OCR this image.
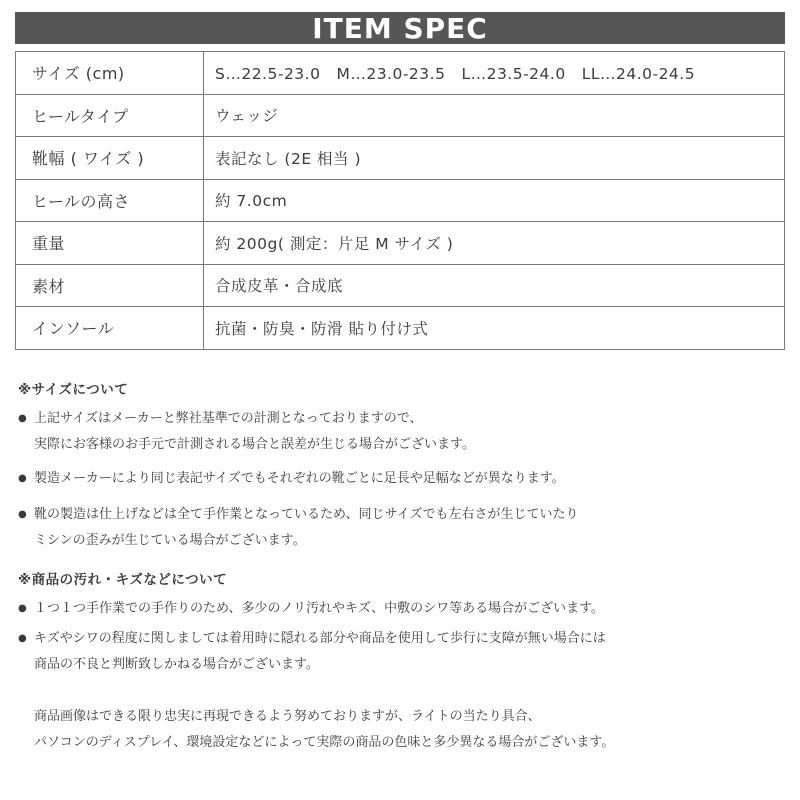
ITEM SPEC
サイズ (cm)	S…22.5-23.0　M…23.0-23.5　L…23.5-24.0　LL…24.0-24.5
ヒールタイプ	ウェッジ
靴幅 ( ワイズ )	表記なし (2E 相当 )
ヒールの高さ	約 7.0cm
重量	約 200g( 測定：片足 M サイズ )
素材	合成皮革・合成底
インソール	抗菌・防臭・防滑 貼り付け式
※サイズについて
● 上記サイズはメーカーと弊社基準での計測となっておりますので、
実際にお客様のお手元で計測される場合と誤差が生じる場合がございます。
● 製造メーカーにより同じ表記サイズでもそれぞれの靴ごとに足長や足幅などが異なります。
● 靴の製造は仕上げなどは全て手作業となっているため、同じサイズでも左右さが生じていたり
ミシンの歪みが生じている場合がございます。
※商品の汚れ・キズなどについて
● １つ１つ手作業での手作りのため、多少のノリ汚れやキズ、中敷のシワ等ある場合がございます。
● キズやシワの程度に関しましては着用時に隠れる部分や商品を使用して歩行に支障が無い場合には
商品の不良と判断致しかねる場合がございます。
商品画像はできる限り忠実に再現できるよう努めておりますが、ライトの当たり具合、
パソコンのディスプレイ、環境設定などによって実際の商品の色味と多少異なる場合がございます。
